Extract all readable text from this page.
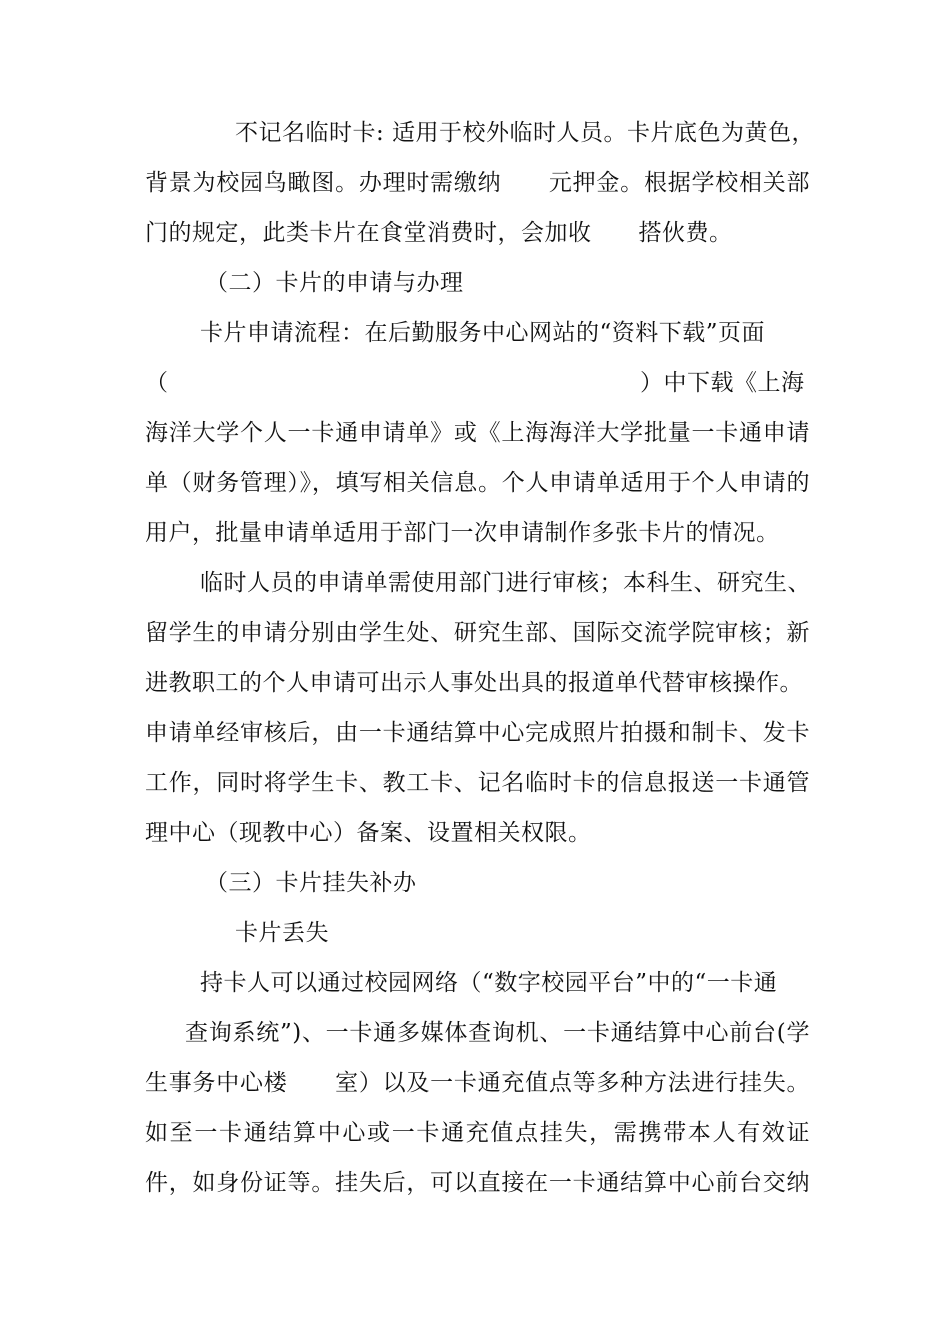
不记名临时卡: 适用于校外临时人员。卡片底色为黄色，
背景为校园鸟瞰图。办理时需缴纳　　元押金。根据学校相关部
门的规定，此类卡片在食堂消费时，会加收　　搭伙费。
（二）卡片的申请与办理
卡片申请流程：在后勤服务中心网站的“资料下载”页面
（	）中下载《上海
海洋大学个人一卡通申请单》或《上海海洋大学批量一卡通申请
单（财务管理）》，填写相关信息。个人申请单适用于个人申请的
用户，批量申请单适用于部门一次申请制作多张卡片的情况。
临时人员的申请单需使用部门进行审核；本科生、研究生、
留学生的申请分别由学生处、研究生部、国际交流学院审核；新
进教职工的个人申请可出示人事处出具的报道单代替审核操作。
申请单经审核后，由一卡通结算中心完成照片拍摄和制卡、发卡
工作，同时将学生卡、教工卡、记名临时卡的信息报送一卡通管
理中心（现教中心）备案、设置相关权限。
（三）卡片挂失补办
卡片丢失
持卡人可以通过校园网络（“数字校园平台”中的“一卡通
查询系统”)、一卡通多媒体查询机、一卡通结算中心前台(学
生事务中心楼　　室）以及一卡通充值点等多种方法进行挂失。
如至一卡通结算中心或一卡通充值点挂失，需携带本人有效证
件，如身份证等。挂失后，可以直接在一卡通结算中心前台交纳
